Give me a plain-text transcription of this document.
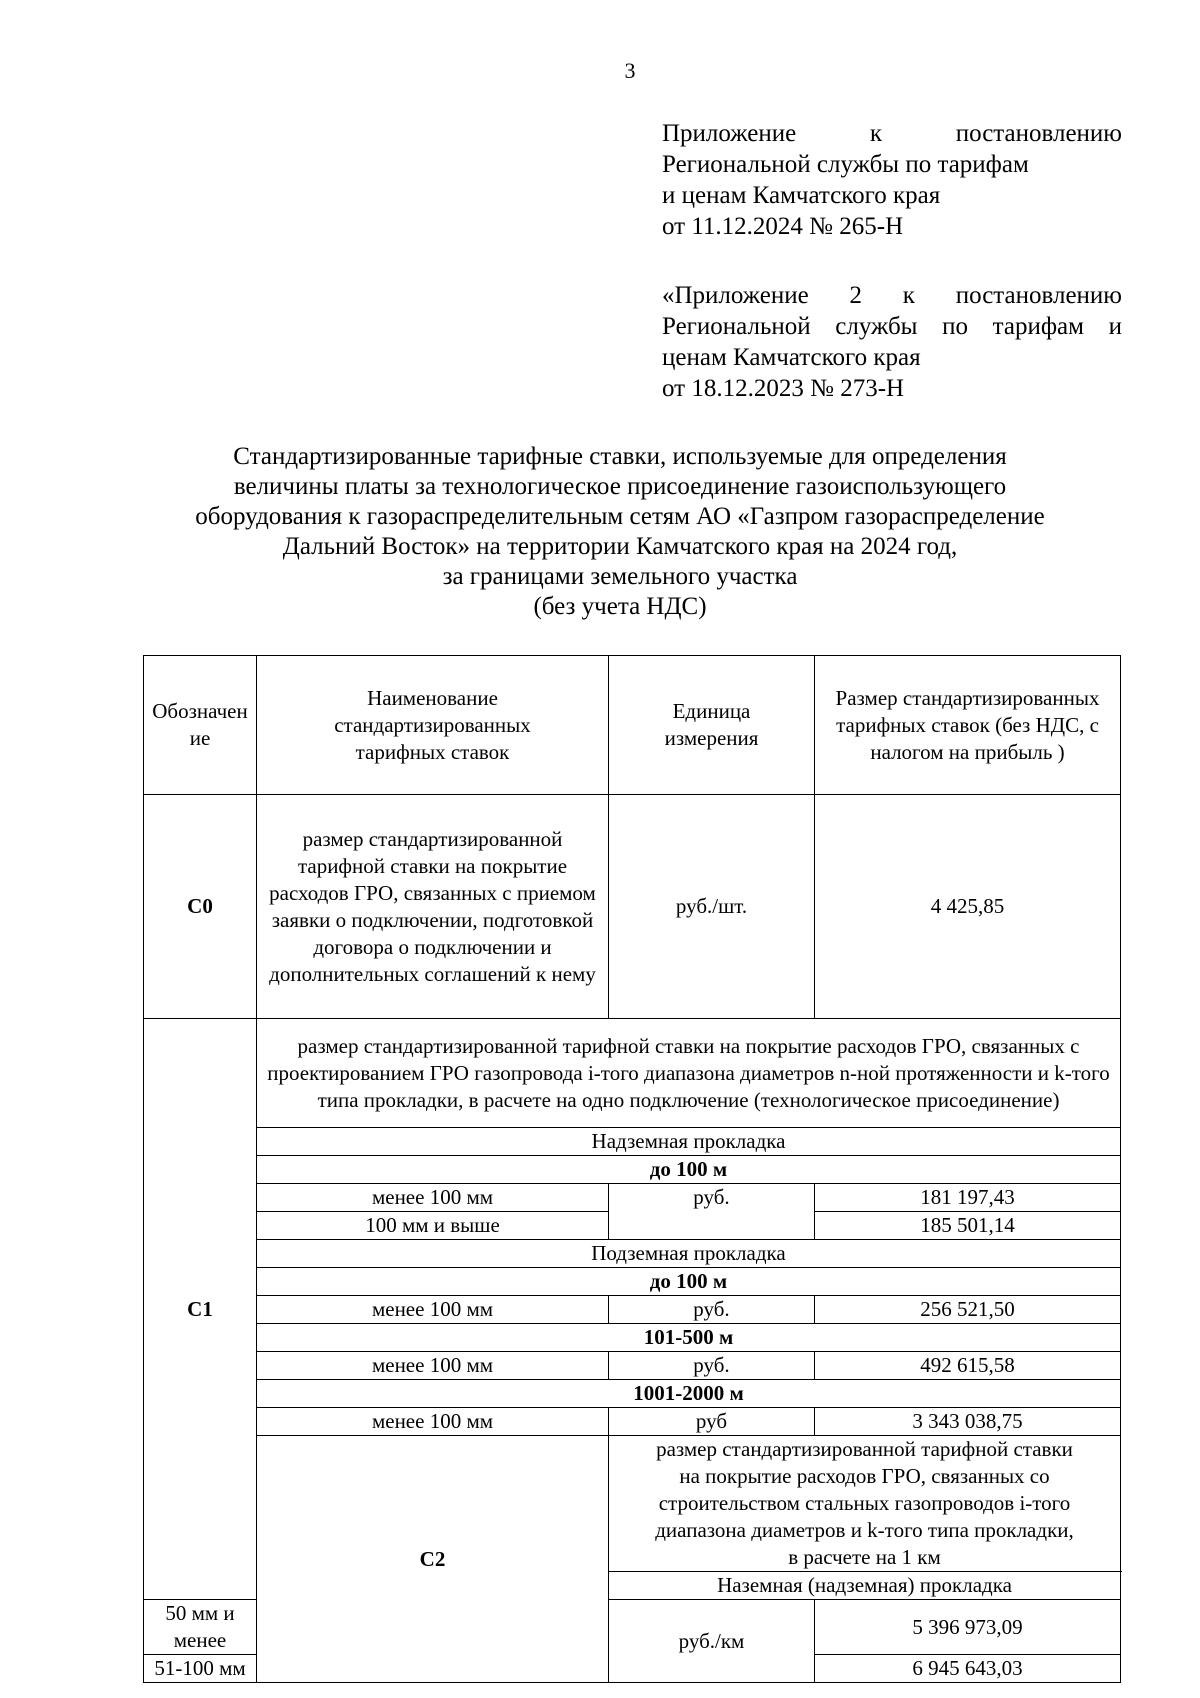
3
Приложение к постановлению
Региональной службы по тарифам
и ценам Камчатского края
от 11.12.2024 № 265-Н
«Приложение 2 к постановлению
Региональной службы по тарифам и
ценам Камчатского края
от 18.12.2023 № 273-Н
Стандартизированные тарифные ставки, используемые для определения
величины платы за технологическое присоединение газоиспользующего
оборудования к газораспределительным сетям АО «Газпром газораспределение
Дальний Восток» на территории Камчатского края на 2024 год,
за границами земельного участка
(без учета НДС)
Обозначение	Наименование стандартизированных тарифных ставок	Единица измерения	Размер стандартизированных тарифных ставок (без НДС, с налогом на прибыль )
С0	размер стандартизированной тарифной ставки на покрытие расходов ГРО, связанных с приемом заявки о подключении, подготовкой договора о подключении и дополнительных соглашений к нему	руб./шт.	4 425,85
С1	размер стандартизированной тарифной ставки на покрытие расходов ГРО, связанных с проектированием ГРО газопровода i-того диапазона диаметров n-ной протяженности и k-того типа прокладки, в расчете на одно подключение (технологическое присоединение)		
	Надземная прокладка		
	до 100 м		
	менее 100 мм	руб.	181 197,43
	100 мм и выше		185 501,14
	Подземная прокладка		
	до 100 м		
	менее 100 мм	руб.	256 521,50
	101-500 м		
	менее 100 мм	руб.	492 615,58
	1001-2000 м		
	менее 100 мм	руб	3 343 038,75
	С2	размер стандартизированной тарифной ставки на покрытие расходов ГРО, связанных со строительством стальных газопроводов i-того диапазона диаметров и k-того типа прокладки, в расчете на 1 км	
		Наземная (надземная) прокладка	
50 мм и менее		руб./км	5 396 973,09
51-100 мм			6 945 643,03
